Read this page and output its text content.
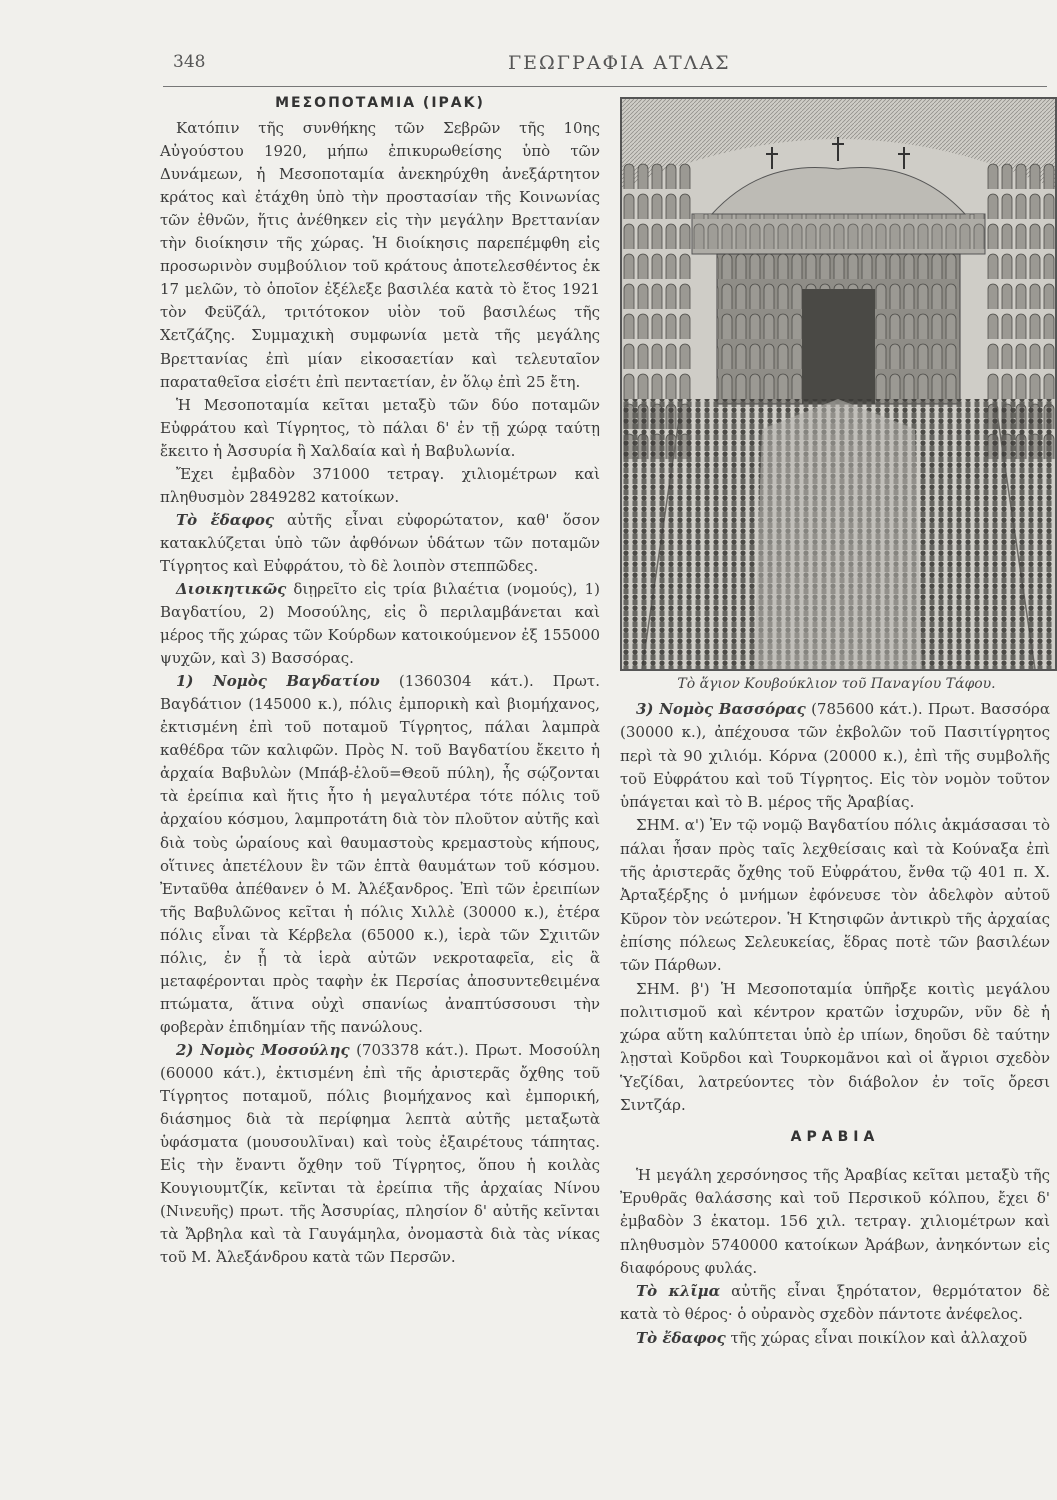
348	ΓΕΩΓΡΑΦΙΑ ΑΤΛΑΣ
ΜΕΣΟΠΟΤΑΜΙΑ (ΙΡΑΚ)

Κατόπιν τῆς συνθήκης τῶν Σεβρῶν τῆς 10ης Αὐγούστου 1920, μήπω ἐπικυρωθείσης ὑπὸ τῶν Δυνάμεων, ἡ Μεσοποταμία ἀνεκηρύχθη ἀνεξάρτητον κράτος καὶ ἐτάχθη ὑπὸ τὴν προστασίαν τῆς Κοινωνίας τῶν ἐθνῶν, ἥτις ἀνέθηκεν εἰς τὴν μεγάλην Βρεττανίαν τὴν διοίκησιν τῆς χώρας. Ἡ διοίκησις παρεπέμφθη εἰς προσωρινὸν συμβούλιον τοῦ κράτους ἀποτελεσθέντος ἐκ 17 μελῶν, τὸ ὁποῖον ἐξέλεξε βασιλέα κατὰ τὸ ἔτος 1921 τὸν Φεϋζάλ, τριτότοκον υἱὸν τοῦ βασιλέως τῆς Χετζάζης. Συμμαχικὴ συμφωνία μετὰ τῆς μεγάλης Βρεττανίας ἐπὶ μίαν εἰκοσαετίαν καὶ τελευταῖον παραταθεῖσα εἰσέτι ἐπὶ πενταετίαν, ἐν ὅλῳ ἐπὶ 25 ἔτη.

Ἡ Μεσοποταμία κεῖται μεταξὺ τῶν δύο ποταμῶν Εὐφράτου καὶ Τίγρητος, τὸ πάλαι δ' ἐν τῇ χώρᾳ ταύτῃ ἔκειτο ἡ Ἀσσυρία ἢ Χαλδαία καὶ ἡ Βαβυλωνία.

Ἔχει ἐμβαδὸν 371000 τετραγ. χιλιομέτρων καὶ πληθυσμὸν 2849282 κατοίκων.

Τὸ ἔδαφος αὐτῆς εἶναι εὐφορώτατον, καθ' ὅσον κατακλύζεται ὑπὸ τῶν ἀφθόνων ὑδάτων τῶν ποταμῶν Τίγρητος καὶ Εὐφράτου, τὸ δὲ λοιπὸν στεππῶδες.

Διοικητικῶς διῃρεῖτο εἰς τρία βιλαέτια (νομούς), 1) Βαγδατίου, 2) Μοσούλης, εἰς ὃ περιλαμβάνεται καὶ μέρος τῆς χώρας τῶν Κούρδων κατοικούμενον ἐξ 155000 ψυχῶν, καὶ 3) Βασσόρας.

1) Νομὸς Βαγδατίου (1360304 κάτ.). Πρωτ. Βαγδάτιον (145000 κ.), πόλις ἐμπορικὴ καὶ βιομήχανος, ἐκτισμένη ἐπὶ τοῦ ποταμοῦ Τίγρητος, πάλαι λαμπρὰ καθέδρα τῶν καλιφῶν. Πρὸς Ν. τοῦ Βαγδατίου ἔκειτο ἡ ἀρχαία Βαβυλὼν (Μπάβ-ἐλοῦ=Θεοῦ πύλη), ἧς σῴζονται τὰ ἐρείπια καὶ ἥτις ἦτο ἡ μεγαλυτέρα τότε πόλις τοῦ ἀρχαίου κόσμου, λαμπροτάτη διὰ τὸν πλοῦτον αὐτῆς καὶ διὰ τοὺς ὡραίους καὶ θαυμαστοὺς κρεμαστοὺς κήπους, οἵτινες ἀπετέλουν ἓν τῶν ἑπτὰ θαυμάτων τοῦ κόσμου. Ἐνταῦθα ἀπέθανεν ὁ Μ. Ἀλέξανδρος. Ἐπὶ τῶν ἐρειπίων τῆς Βαβυλῶνος κεῖται ἡ πόλις Χιλλὲ (30000 κ.), ἑτέρα πόλις εἶναι τὰ Κέρβελα (65000 κ.), ἱερὰ τῶν Σχιιτῶν πόλις, ἐν ᾗ τὰ ἱερὰ αὐτῶν νεκροταφεῖα, εἰς ἃ μεταφέρονται πρὸς ταφὴν ἐκ Περσίας ἀποσυντεθειμένα πτώματα, ἅτινα οὐχὶ σπανίως ἀναπτύσσουσι τὴν φοβερὰν ἐπιδημίαν τῆς πανώλους.

2) Νομὸς Μοσούλης (703378 κάτ.). Πρωτ. Μοσούλη (60000 κάτ.), ἐκτισμένη ἐπὶ τῆς ἀριστερᾶς ὄχθης τοῦ Τίγρητος ποταμοῦ, πόλις βιομήχανος καὶ ἐμπορική, διάσημος διὰ τὰ περίφημα λεπτὰ αὐτῆς μεταξωτὰ ὑφάσματα (μουσουλῖναι) καὶ τοὺς ἐξαιρέτους τάπητας. Εἰς τὴν ἔναντι ὄχθην τοῦ Τίγρητος, ὅπου ἡ κοιλὰς Κουγιουμτζίκ, κεῖνται τὰ ἐρείπια τῆς ἀρχαίας Νίνου (Νινευῆς) πρωτ. τῆς Ἀσσυρίας, πλησίον δ' αὐτῆς κεῖνται τὰ Ἄρβηλα καὶ τὰ Γαυγάμηλα, ὀνομαστὰ διὰ τὰς νίκας τοῦ Μ. Ἀλεξάνδρου κατὰ τῶν Περσῶν.

Τὸ ἅγιον Κουβούκλιον τοῦ Παναγίου Τάφου.

3) Νομὸς Βασσόρας (785600 κάτ.). Πρωτ. Βασσόρα (30000 κ.), ἀπέχουσα τῶν ἐκβολῶν τοῦ Πασιτίγρητος περὶ τὰ 90 χιλιόμ. Κόρνα (20000 κ.), ἐπὶ τῆς συμβολῆς τοῦ Εὐφράτου καὶ τοῦ Τίγρητος. Εἰς τὸν νομὸν τοῦτον ὑπάγεται καὶ τὸ Β. μέρος τῆς Ἀραβίας.

ΣΗΜ. α') Ἐν τῷ νομῷ Βαγδατίου πόλις ἀκμάσασαι τὸ πάλαι ἦσαν πρὸς ταῖς λεχθείσαις καὶ τὰ Κούναξα ἐπὶ τῆς ἀριστερᾶς ὄχθης τοῦ Εὐφράτου, ἔνθα τῷ 401 π. Χ. Ἀρταξέρξης ὁ μνήμων ἐφόνευσε τὸν ἀδελφὸν αὐτοῦ Κῦρον τὸν νεώτερον. Ἡ Κτησιφῶν ἀντικρὺ τῆς ἀρχαίας ἐπίσης πόλεως Σελευκείας, ἕδρας ποτὲ τῶν βασιλέων τῶν Πάρθων.

ΣΗΜ. β') Ἡ Μεσοποταμία ὑπῆρξε κοιτὶς μεγάλου πολιτισμοῦ καὶ κέντρον κρατῶν ἰσχυρῶν, νῦν δὲ ἡ χώρα αὕτη καλύπτεται ὑπὸ ἐρ ιπίων, δηοῦσι δὲ ταύτην λῃσταὶ Κοῦρδοι καὶ Τουρκομᾶνοι καὶ οἱ ἄγριοι σχεδὸν Ὑεζίδαι, λατρεύοντες τὸν διάβολον ἐν τοῖς ὄρεσι Σιντζάρ.

ΑΡΑΒΙΑ

Ἡ μεγάλη χερσόνησος τῆς Ἀραβίας κεῖται μεταξὺ τῆς Ἐρυθρᾶς θαλάσσης καὶ τοῦ Περσικοῦ κόλπου, ἔχει δ' ἐμβαδὸν 3 ἑκατομ. 156 χιλ. τετραγ. χιλιομέτρων καὶ πληθυσμὸν 5740000 κατοίκων Ἀράβων, ἀνηκόντων εἰς διαφόρους φυλάς.

Τὸ κλῖμα αὐτῆς εἶναι ξηρότατον, θερμότατον δὲ κατὰ τὸ θέρος· ὁ οὐρανὸς σχεδὸν πάντοτε ἀνέφελος.

Τὸ ἔδαφος τῆς χώρας εἶναι ποικίλον καὶ ἀλλαχοῦ
